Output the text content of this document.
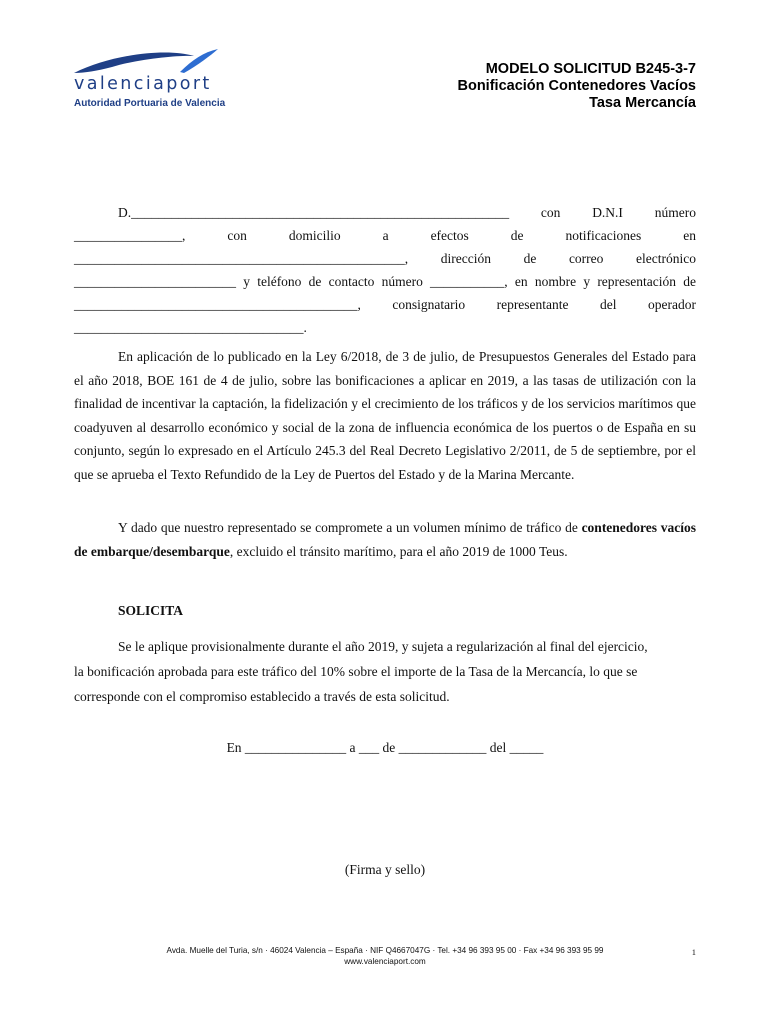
valenciaport
Autoridad Portuaria de Valencia
MODELO SOLICITUD B245-3-7
Bonificación Contenedores Vacíos
Tasa Mercancía
D.________________________________________________________ con D.N.I número
________________,	con	domicilio	a	efectos	de	notificaciones	en
_________________________________________________, dirección de correo electrónico
________________________ y teléfono de contacto número ___________, en nombre y representación de
__________________________________________, consignatario representante del operador
__________________________________.
En aplicación de lo publicado en la Ley 6/2018, de 3 de julio, de Presupuestos Generales del Estado para el año 2018, BOE 161 de 4 de julio, sobre las bonificaciones a aplicar en 2019, a las tasas de utilización con la finalidad de incentivar la captación, la fidelización y el crecimiento de los tráficos y de los servicios marítimos que coadyuven al desarrollo económico y social de la zona de influencia económica de los puertos o de España en su conjunto, según lo expresado en el Artículo 245.3 del Real Decreto Legislativo 2/2011, de 5 de septiembre, por el que se aprueba el Texto Refundido de la Ley de Puertos del Estado y de la Marina Mercante.
Y dado que nuestro representado se compromete a un volumen mínimo de tráfico de contenedores vacíos de embarque/desembarque, excluido el tránsito marítimo, para el año 2019 de 1000 Teus.
SOLICITA
Se le aplique provisionalmente durante el año 2019, y sujeta a regularización al final del ejercicio,
la bonificación aprobada para este tráfico del 10% sobre el importe de la Tasa de la Mercancía, lo que se
corresponde con el compromiso establecido a través de esta solicitud.
En _______________ a ___ de _____________ del _____
(Firma y sello)
Avda. Muelle del Turia, s/n · 46024 Valencia – España · NIF Q4667047G · Tel. +34 96 393 95 00 · Fax +34 96 393 95 99
www.valenciaport.com
1
